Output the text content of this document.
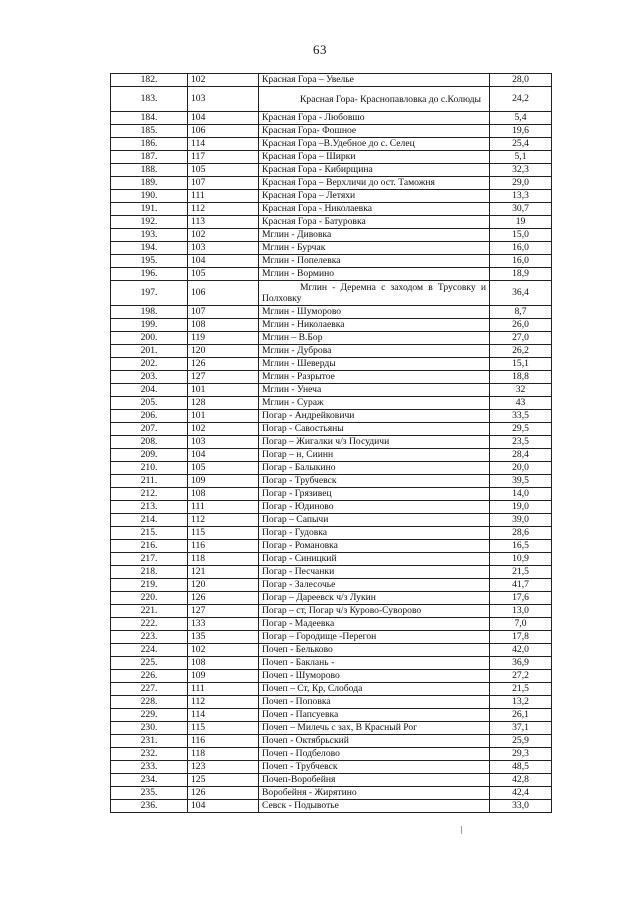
63
182.	102	Красная Гора – Увелье	28,0
183.	103	Красная Гора- Краснопавловка до с.Колюды	24,2
184.	104	Красная Гора - Любовшо	5,4
185.	106	Красная Гора- Фошное	19,6
186.	114	Красная Гора –В.Удебное до с. Селец	25,4
187.	117	Красная Гора – Ширки	5,1
188.	105	Красная Гора - Кибирщина	32,3
189.	107	Красная Гора – Верхличи до ост. Таможня	29,0
190.	111	Красная Гора – Летяхи	13,3
191.	112	Красная Гора - Николаевка	30,7
192.	113	Красная Гора - Батуровка	19
193.	102	Мглин - Дивовка	15,0
194.	103	Мглин - Бурчак	16,0
195.	104	Мглин - Попелевка	16,0
196.	105	Мглин - Вормино	18,9
197.	106	Мглин - Деремна с заходом в Трусовку и Полховку	36,4
198.	107	Мглин - Шуморово	8,7
199.	108	Мглин - Николаевка	26,0
200.	119	Мглин – В.Бор	27,0
201.	120	Мглин - Дуброва	26,2
202.	126	Мглин - Шеверды	15,1
203.	127	Мглин - Разрытое	18,8
204.	101	Мглин - Унеча	32
205.	128	Мглин - Сураж	43
206.	101	Погар - Андрейковичи	33,5
207.	102	Погар - Савостьяны	29,5
208.	103	Погар – Жигалки ч/з Посудичи	23,5
209.	104	Погар – н, Сиинн	28,4
210.	105	Погар - Балыкино	20,0
211.	109	Погар - Трубчевск	39,5
212.	108	Погар - Грязивец	14,0
213.	111	Погар - Юдиново	19,0
214.	112	Погар – Сапычи	39,0
215.	115	Погар - Гудовка	28,6
216.	116	Погар - Романовка	16,5
217.	118	Погар - Синицкий	10,9
218.	121	Погар - Песчанки	21,5
219.	120	Погар - Залесочье	41,7
220.	126	Погар – Дареевск ч/з Лукин	17,6
221.	127	Погар – ст, Погар ч/з Курово-Суворово	13,0
222.	133	Погар - Мадеевка	7,0
223.	135	Погар – Городище -Перегон	17,8
224.	102	Почеп - Бельково	42,0
225.	108	Почеп - Баклань -	36,9
226.	109	Почеп - Шуморово	27,2
227.	111	Почеп – Ст, Кр, Слобода	21,5
228.	112	Почеп - Поповка	13,2
229.	114	Почеп - Папсуевка	26,1
230.	115	Почеп – Милечь с зах, В Красный Рог	37,1
231.	116	Почеп - Октябрьский	25,9
232.	118	Почеп - Подбелово	29,3
233.	123	Почеп - Трубчевск	48,5
234.	125	Почеп-Воробейня	42,8
235.	126	Воробейня - Жирятино	42,4
236.	104	Севск - Подывотье	33,0
